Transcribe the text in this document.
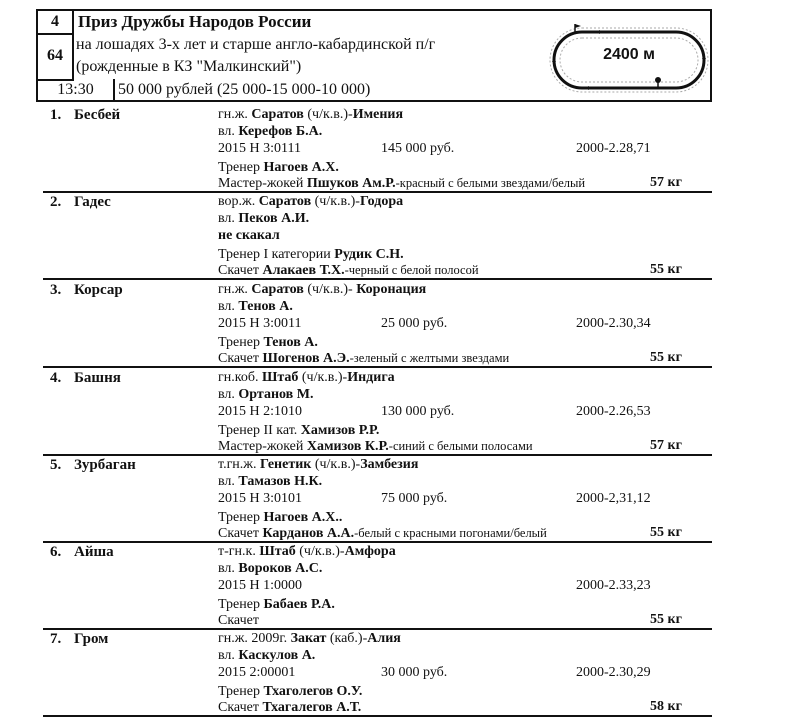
4
64
13:30
Приз Дружбы Народов России
на лошадях 3-х лет и старше англо-кабардинской п/г
(рожденные в КЗ "Малкинский")
50 000 рублей (25 000-15 000-10 000)
2400 м
1. Бесбей	гн.ж. Саратов (ч/к.в.)-Имения
вл. Керефов Б.А.
2015 Н 3:0111	145 000 руб.	2000-2.28,71
Тренер Нагоев А.Х.
Мастер-жокей Пшуков Ам.Р.-красный с белыми звездами/белый	57 кг
2. Гадес	вор.ж. Саратов (ч/к.в.)-Годора
вл. Пеков А.И.
не скакал
Тренер I категории Рудик С.Н.
Скачет Алакаев Т.Х.-черный с белой полосой	55 кг
3. Корсар	гн.ж. Саратов (ч/к.в.)- Коронация
вл. Тенов А.
2015 Н 3:0011	25 000 руб.	2000-2.30,34
Тренер Тенов А.
Скачет Шогенов А.Э.-зеленый с желтыми звездами	55 кг
4. Башня	гн.коб. Штаб (ч/к.в.)-Индига
вл. Ортанов М.
2015 Н 2:1010	130 000 руб.	2000-2.26,53
Тренер II кат. Хамизов Р.Р.
Мастер-жокей Хамизов К.Р.-синий с белыми полосами	57 кг
5. Зурбаган	т.гн.ж. Генетик (ч/к.в.)-Замбезия
вл. Тамазов Н.К.
2015 Н 3:0101	75 000 руб.	2000-2,31,12
Тренер Нагоев А.Х..
Скачет Карданов А.А.-белый с красными погонами/белый	55 кг
6. Айша	т-гн.к. Штаб (ч/к.в.)-Амфора
вл. Вороков А.С.
2015 Н 1:0000	2000-2.33,23
Тренер Бабаев Р.А.
Скачет	55 кг
7. Гром	гн.ж. 2009г. Закат (каб.)-Алия
вл. Каскулов А.
2015 2:00001	30 000 руб.	2000-2.30,29
Тренер Тхаголегов О.У.
Скачет Тхагалегов А.Т.	58 кг
